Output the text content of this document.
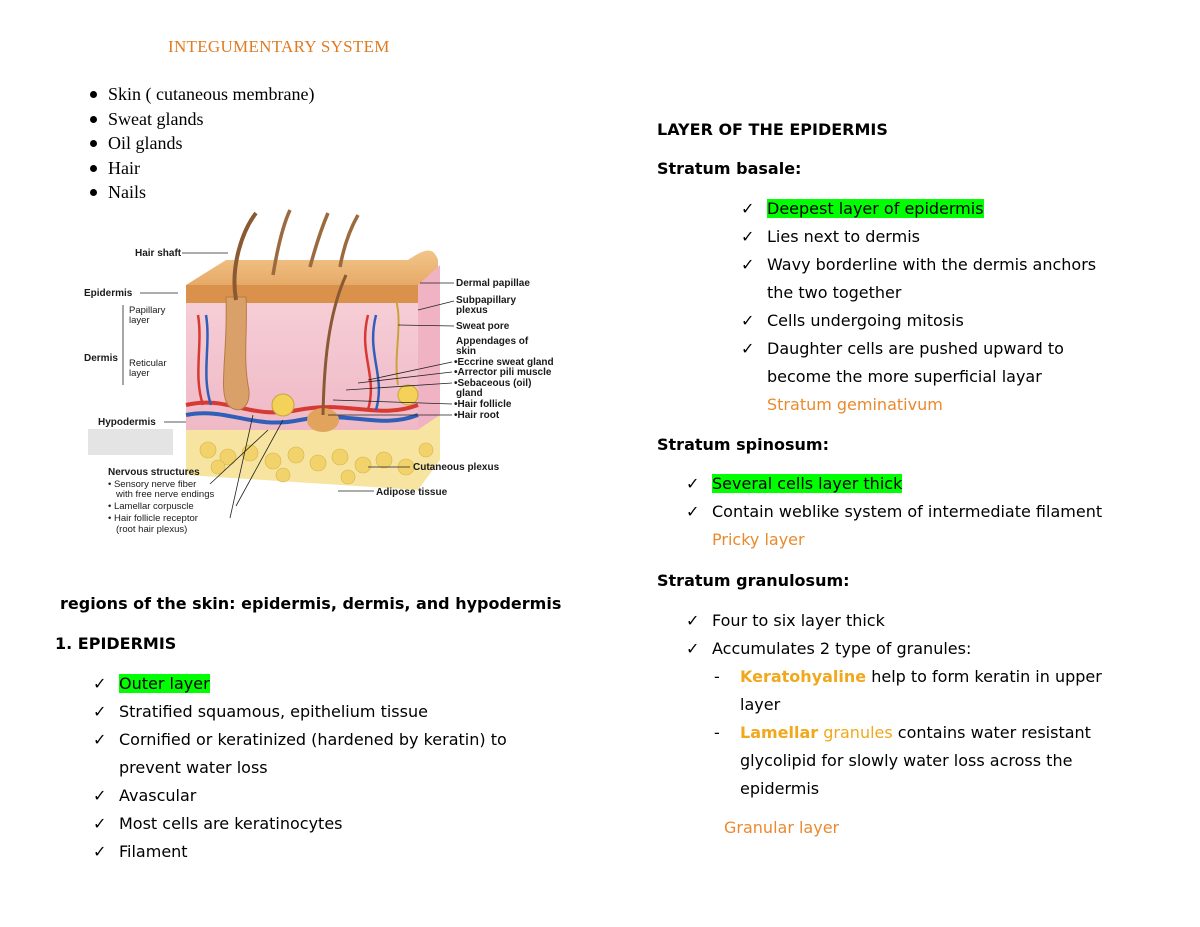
INTEGUMENTARY SYSTEM
Skin ( cutaneous membrane)
Sweat glands
Oil glands
Hair
Nails
Hair shaft
Epidermis
Papillary
layer
Dermis Reticular
layer
Hypodermis
Dermal papillae
Subpapillary
plexus
Sweat pore
Appendages of
skin
•Eccrine sweat gland
•Arrector pili muscle
•Sebaceous (oil)
gland
•Hair follicle
•Hair root
Cutaneous plexus
Adipose tissue
Nervous structures
• Sensory nerve fiber
with free nerve endings
• Lamellar corpuscle
• Hair follicle receptor
(root hair plexus)
regions of the skin: epidermis, dermis, and hypodermis
1. EPIDERMIS
✓ Outer layer
✓ Stratified squamous, epithelium tissue
✓ Cornified or keratinized (hardened by keratin) to
prevent water loss
✓ Avascular
✓ Most cells are keratinocytes
✓ Filament
LAYER OF THE EPIDERMIS
Stratum basale:
✓ Deepest layer of epidermis
✓ Lies next to dermis
✓ Wavy borderline with the dermis anchors
the two together
✓ Cells undergoing mitosis
✓ Daughter cells are pushed upward to
become the more superficial layar
Stratum geminativum
Stratum spinosum:
✓ Several cells layer thick
✓ Contain weblike system of intermediate filament
Pricky layer
Stratum granulosum:
✓ Four to six layer thick
✓ Accumulates 2 type of granules:
- Keratohyaline help to form keratin in upper
layer
- Lamellar granules contains water resistant
glycolipid for slowly water loss across the
epidermis
Granular layer
